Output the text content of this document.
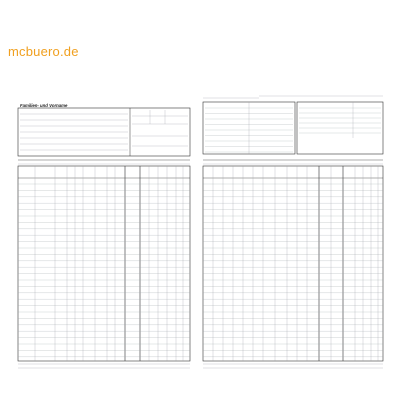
mcbuero.de
Familien- und Vorname
